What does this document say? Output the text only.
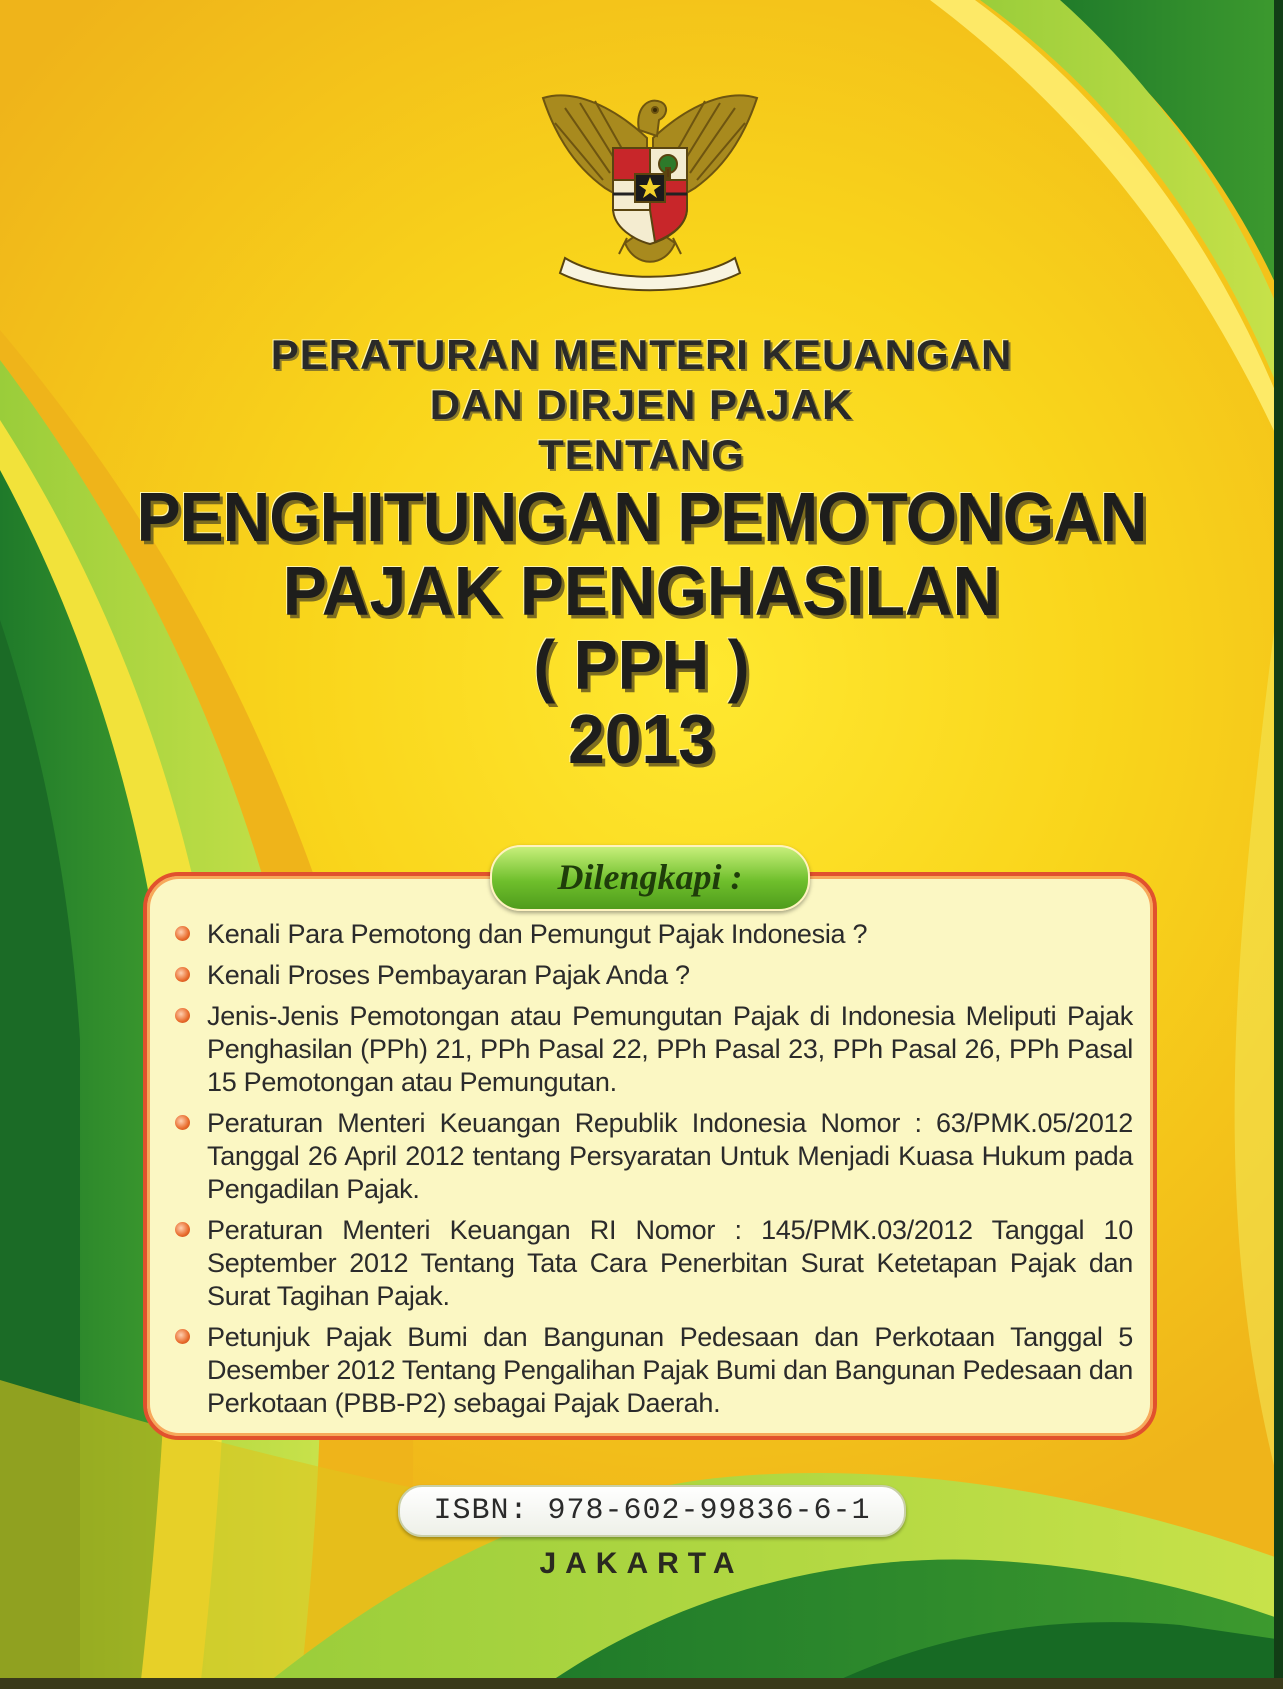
PERATURAN MENTERI KEUANGAN

DAN DIRJEN PAJAK

TENTANG

PENGHITUNGAN PEMOTONGAN

PAJAK PENGHASILAN

( PPH )

2013

Dilengkapi :
Kenali Para Pemotong dan Pemungut Pajak Indonesia ?
Kenali Proses Pembayaran Pajak Anda ?
Jenis-Jenis Pemotongan atau Pemungutan Pajak di Indonesia Meliputi Pajak Penghasilan (PPh) 21, PPh Pasal 22, PPh Pasal 23, PPh Pasal 26, PPh Pasal 15 Pemotongan atau Pemungutan.
Peraturan Menteri Keuangan Republik Indonesia Nomor : 63/PMK.05/2012 Tanggal 26 April 2012 tentang Persyaratan Untuk Menjadi Kuasa Hukum pada Pengadilan Pajak.
Peraturan Menteri Keuangan RI Nomor : 145/PMK.03/2012 Tanggal 10 September 2012 Tentang Tata Cara Penerbitan Surat Ketetapan Pajak dan Surat Tagihan Pajak.
Petunjuk Pajak Bumi dan Bangunan Pedesaan dan Perkotaan Tanggal 5 Desember 2012 Tentang Pengalihan Pajak Bumi dan Bangunan Pedesaan dan Perkotaan (PBB-P2) sebagai Pajak Daerah.
ISBN: 978-602-99836-6-1
JAKARTA
